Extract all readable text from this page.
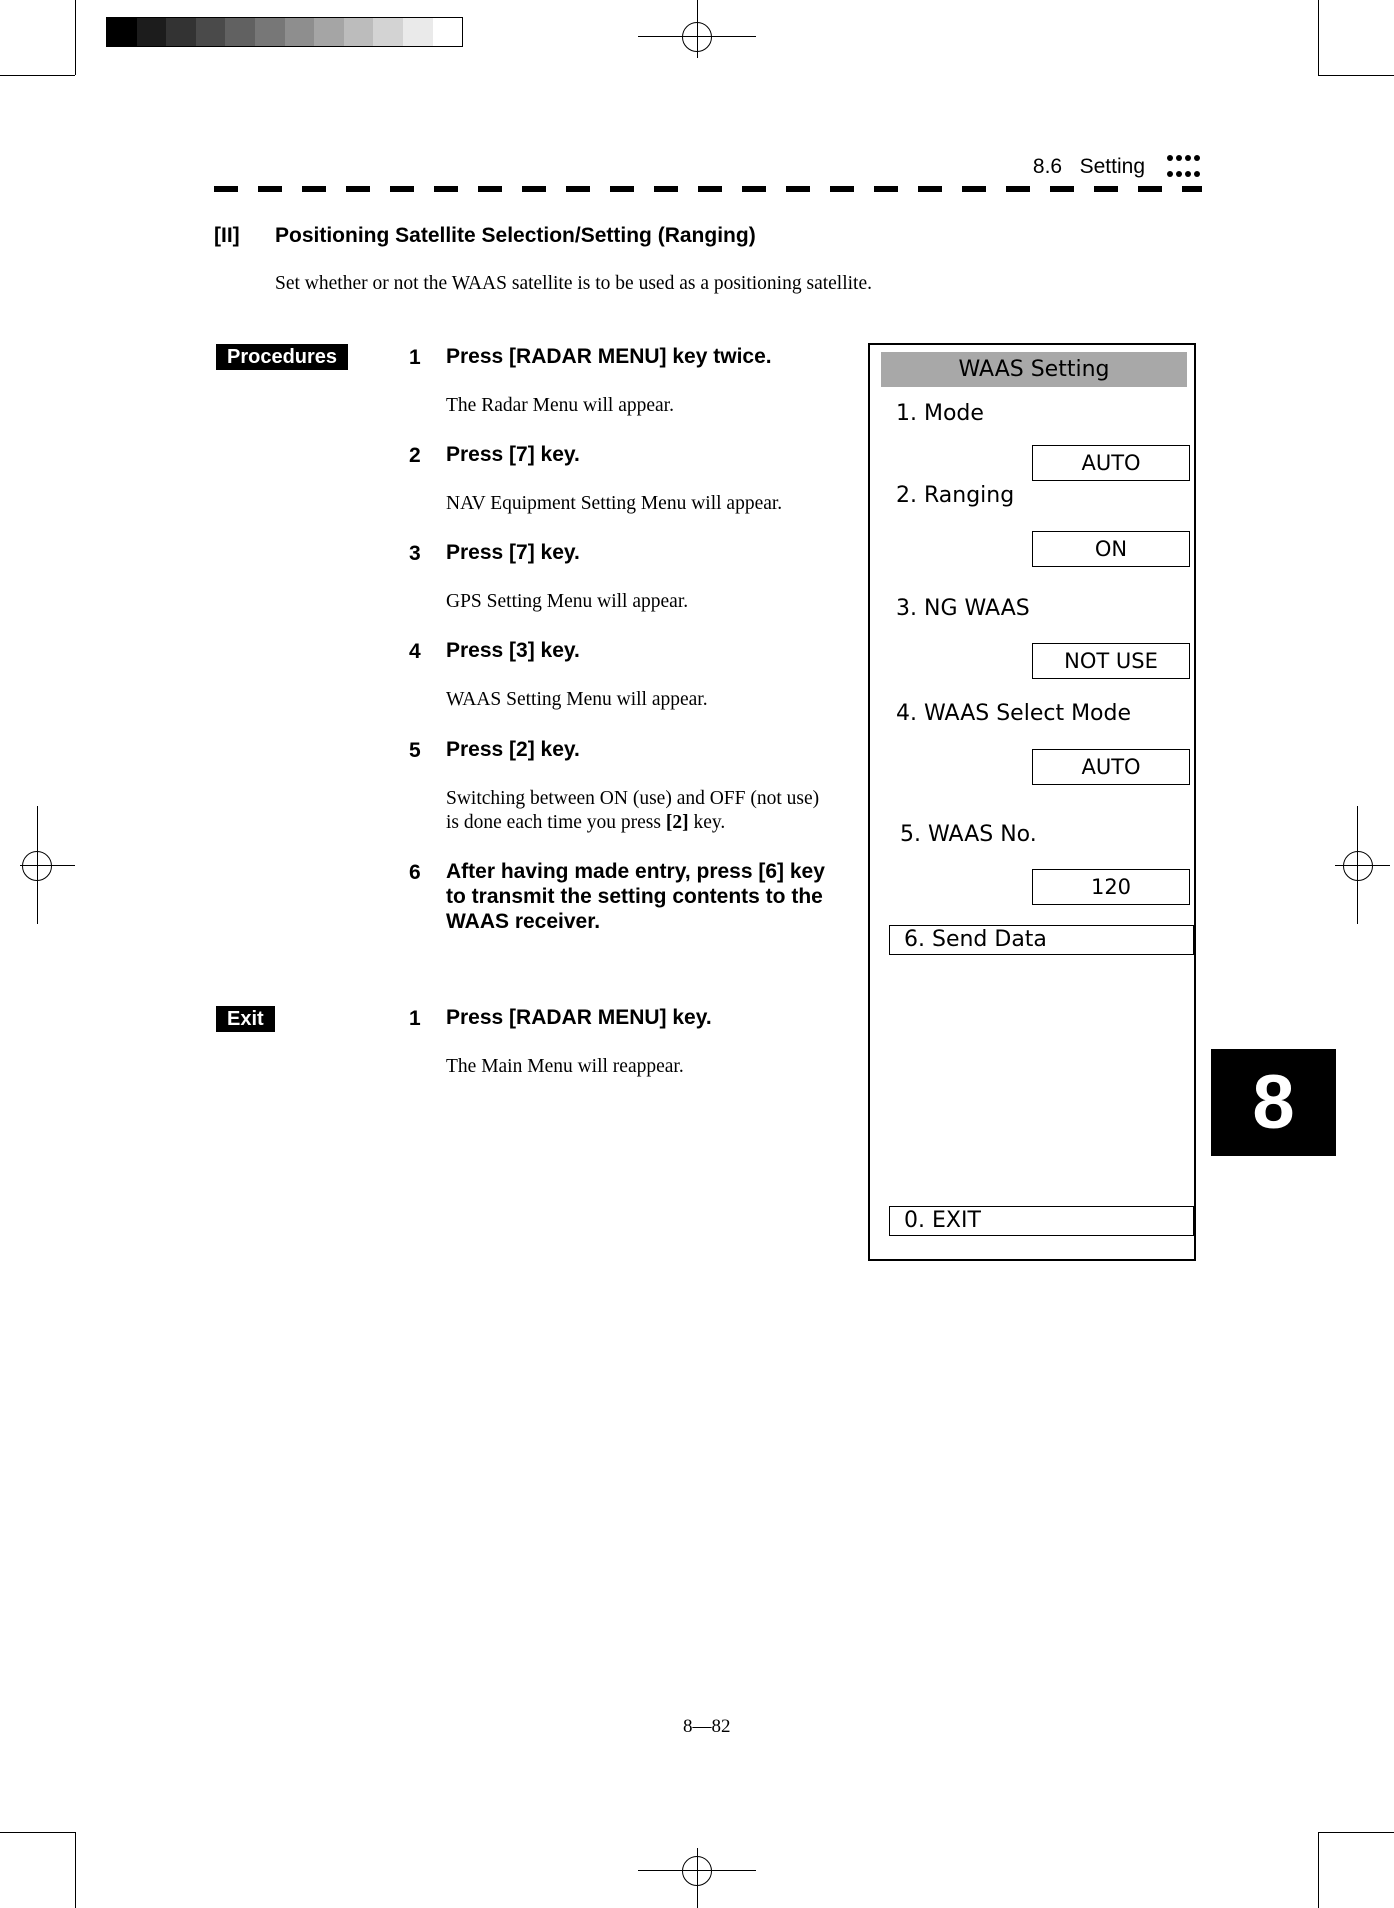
8.6   Setting
[II] Positioning Satellite Selection/Setting (Ranging)
Set whether or not the WAAS satellite is to be used as a positioning satellite.
Procedures	1 Press [RADAR MENU] key twice.
The Radar Menu will appear.
2 Press [7] key.
NAV Equipment Setting Menu will appear.
3 Press [7] key.
GPS Setting Menu will appear.
4 Press [3] key.
WAAS Setting Menu will appear.
5 Press [2] key.
Switching between ON (use) and OFF (not use)
is done each time you press [2] key.
6 After having made entry, press [6] key
to transmit the setting contents to the
WAAS receiver.
Exit	1 Press [RADAR MENU] key.
The Main Menu will reappear.
WAAS Setting
1. Mode
AUTO
2. Ranging
ON
3. NG WAAS
NOT USE
4. WAAS Select Mode
AUTO
5. WAAS No.
120
6. Send Data
0. EXIT
8
8—82
